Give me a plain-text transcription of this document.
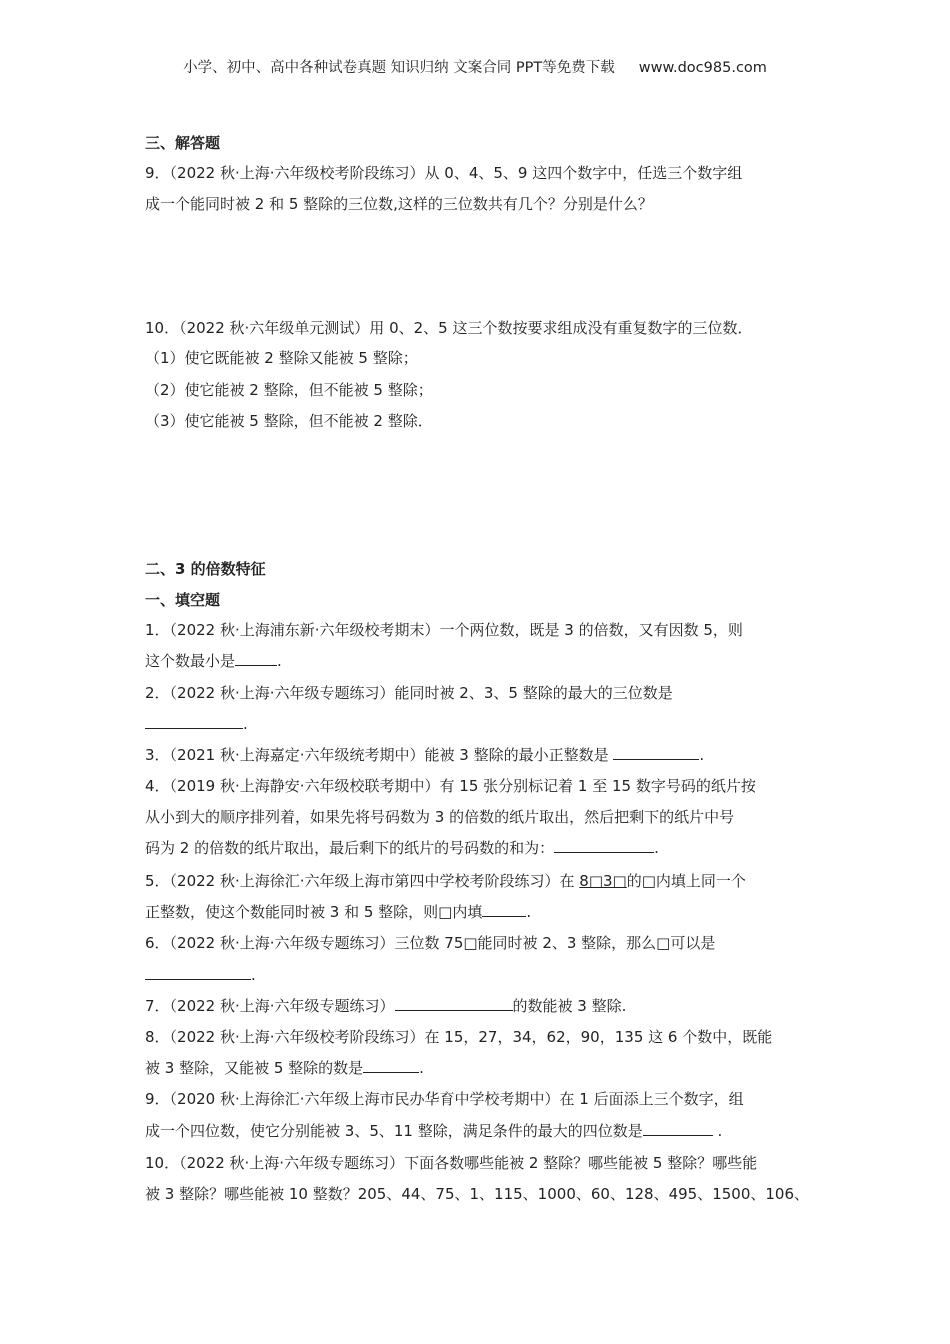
小学、初中、高中各种试卷真题 知识归纳 文案合同 PPT等免费下载 www.doc985.com
三、解答题
9．（2022 秋·上海·六年级校考阶段练习）从 0、4、5、9 这四个数字中，任选三个数字组
成一个能同时被 2 和 5 整除的三位数,这样的三位数共有几个？分别是什么？
10．（2022 秋·六年级单元测试）用 0、2、5 这三个数按要求组成没有重复数字的三位数．
（1）使它既能被 2 整除又能被 5 整除；
（2）使它能被 2 整除，但不能被 5 整除；
（3）使它能被 5 整除，但不能被 2 整除．
二、3 的倍数特征
一、填空题
1．（2022 秋·上海浦东新·六年级校考期末）一个两位数，既是 3 的倍数，又有因数 5，则
这个数最小是	.
2．（2022 秋·上海·六年级专题练习）能同时被 2、3、5 整除的最大的三位数是
.
3．（2021 秋·上海嘉定·六年级统考期中）能被 3 整除的最小正整数是	.
4．（2019 秋·上海静安·六年级校联考期中）有 15 张分别标记着 1 至 15 数字号码的纸片按
从小到大的顺序排列着，如果先将号码数为 3 的倍数的纸片取出，然后把剩下的纸片中号
码为 2 的倍数的纸片取出，最后剩下的纸片的号码数的和为：	.
5．（2022 秋·上海徐汇·六年级上海市第四中学校考阶段练习）在 8□3□的□内填上同一个
正整数，使这个数能同时被 3 和 5 整除，则□内填	.
6．（2022 秋·上海·六年级专题练习）三位数 75□能同时被 2、3 整除，那么□可以是
.
7．（2022 秋·上海·六年级专题练习）	的数能被 3 整除.
8．（2022 秋·上海·六年级校考阶段练习）在 15，27，34，62，90，135 这 6 个数中，既能
被 3 整除，又能被 5 整除的数是	.
9．（2020 秋·上海徐汇·六年级上海市民办华育中学校考期中）在 1 后面添上三个数字，组
成一个四位数，使它分别能被 3、5、11 整除，满足条件的最大的四位数是	.
10．（2022 秋·上海·六年级专题练习）下面各数哪些能被 2 整除？哪些能被 5 整除？哪些能
被 3 整除？哪些能被 10 整数？205、44、75、1、115、1000、60、128、495、1500、106、
